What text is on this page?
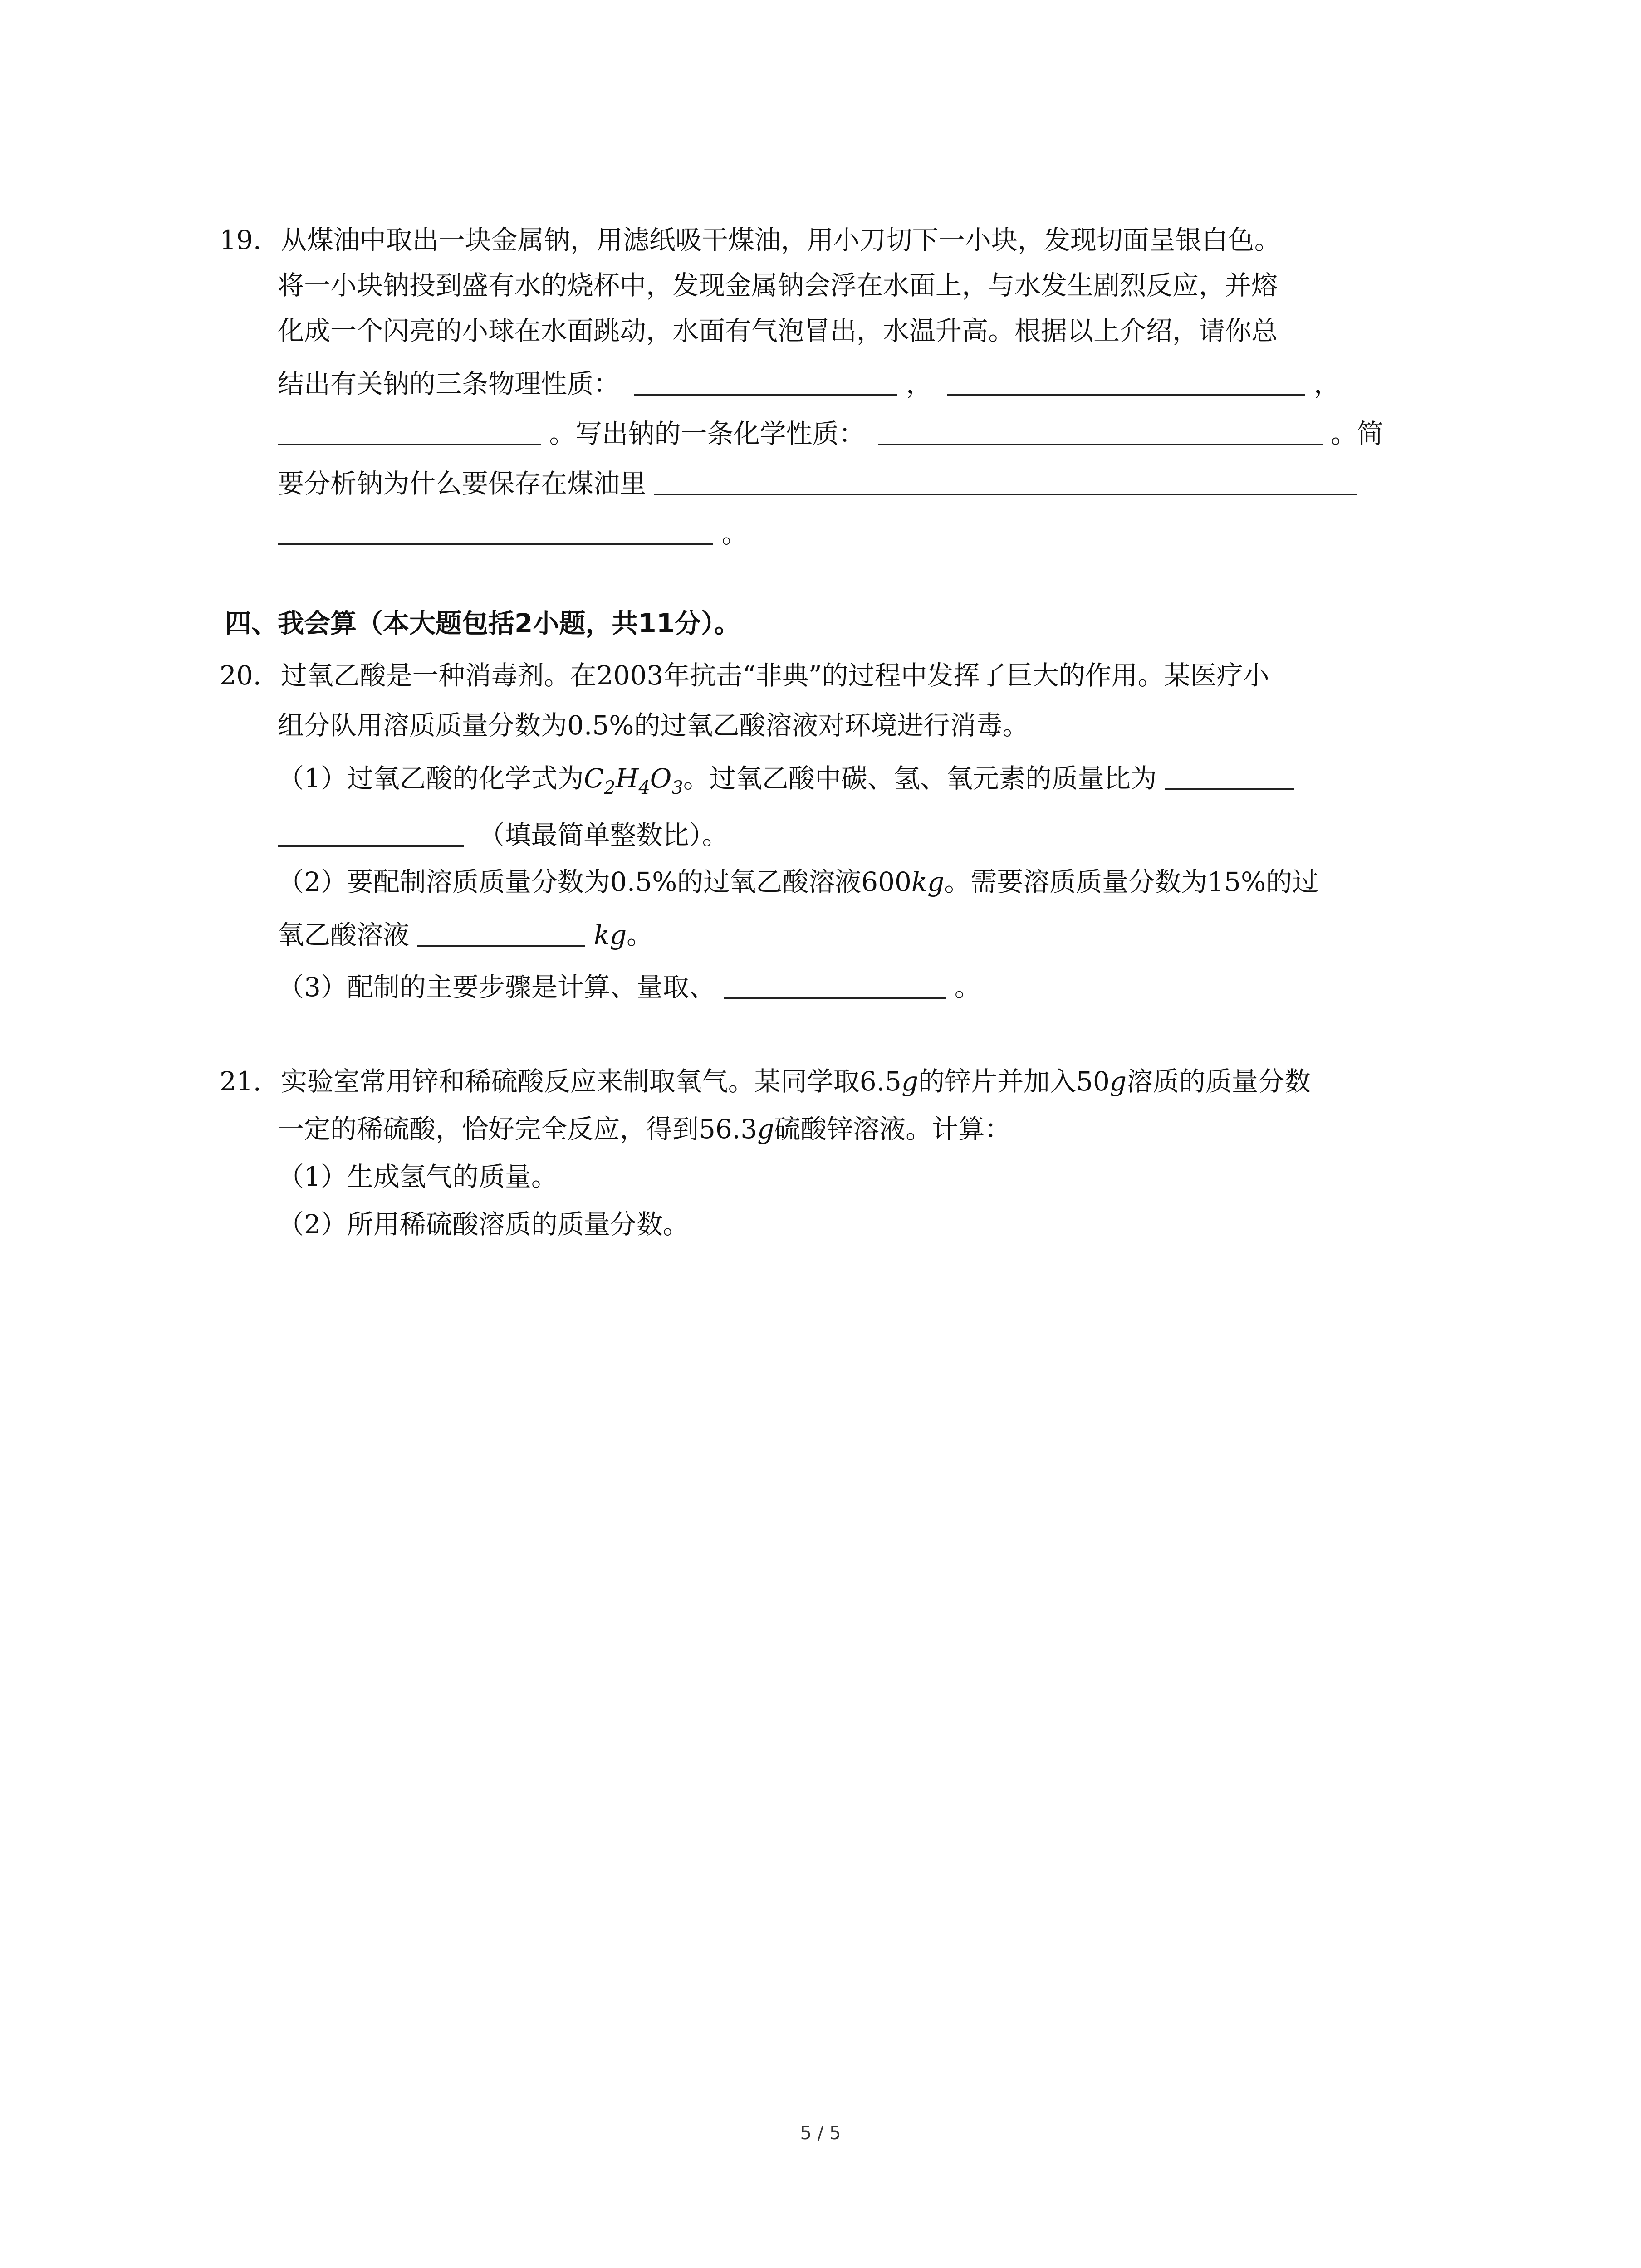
19. 从煤油中取出一块金属钠，用滤纸吸干煤油，用小刀切下一小块，发现切面呈银白色。
将一小块钠投到盛有水的烧杯中，发现金属钠会浮在水面上，与水发生剧烈反应，并熔
化成一个闪亮的小球在水面跳动，水面有气泡冒出，水温升高。根据以上介绍，请你总
结出有关钠的三条物理性质：	，	，
。写出钠的一条化学性质：	。简
要分析钠为什么要保存在煤油里
。
四、我会算（本大题包括2小题，共11分）。
20. 过氧乙酸是一种消毒剂。在2003年抗击“非典”的过程中发挥了巨大的作用。某医疗小
组分队用溶质质量分数为0.5%的过氧乙酸溶液对环境进行消毒。
（1）过氧乙酸的化学式为$C_2H_4O_3$。过氧乙酸中碳、氢、氧元素的质量比为
（填最简单整数比）。
（2）要配制溶质质量分数为0.5%的过氧乙酸溶液600kg。需要溶质质量分数为15%的过
氧乙酸溶液	kg。
（3）配制的主要步骤是计算、量取、	。
21. 实验室常用锌和稀硫酸反应来制取氧气。某同学取6.5g的锌片并加入50g溶质的质量分数
一定的稀硫酸，恰好完全反应，得到56.3g硫酸锌溶液。计算：
（1）生成氢气的质量。
（2）所用稀硫酸溶质的质量分数。
5 / 5
